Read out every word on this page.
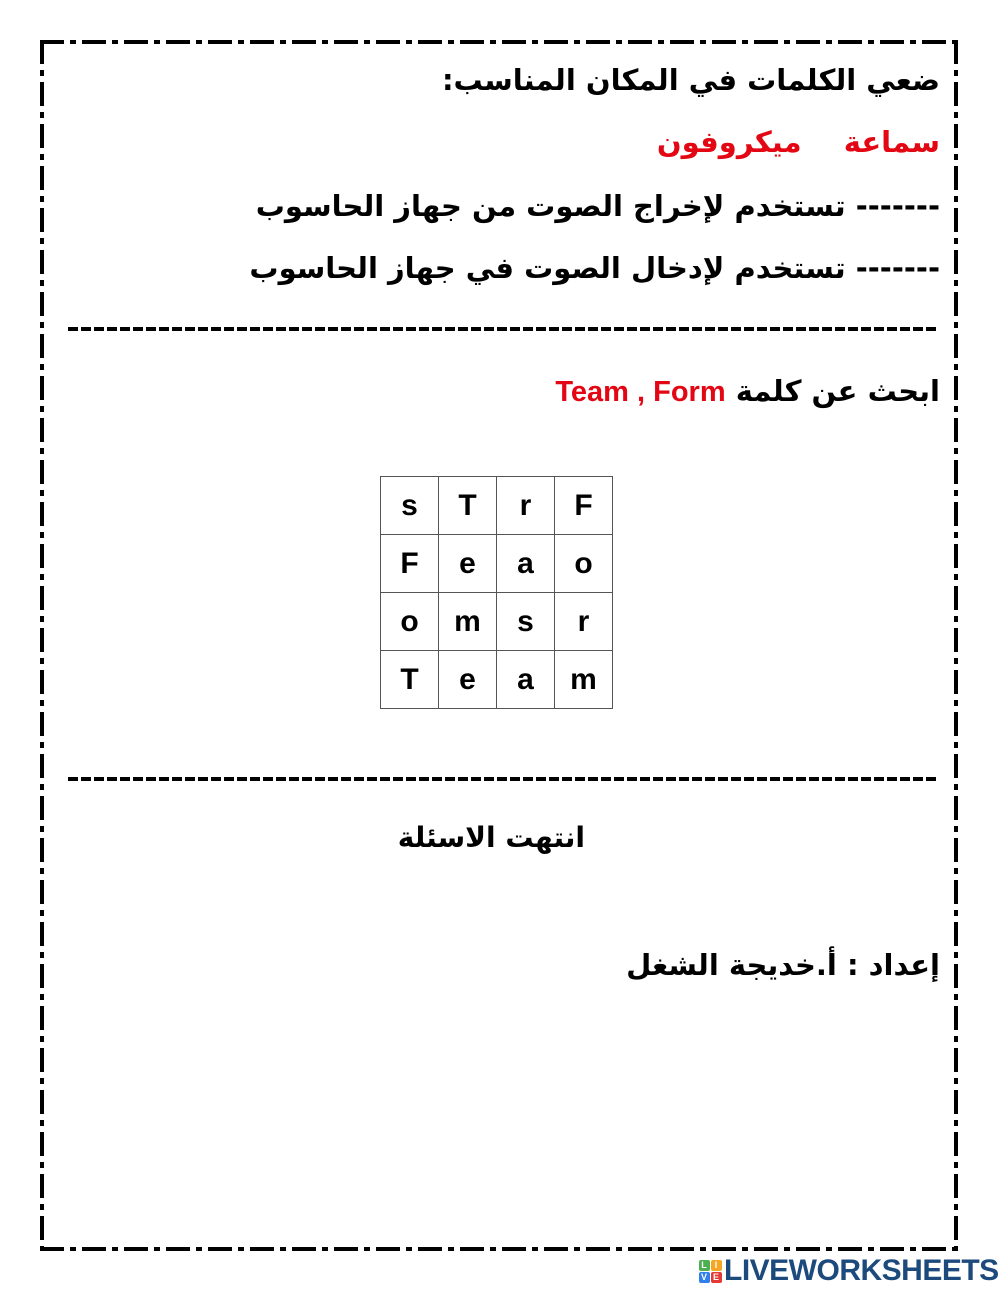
ضعي الكلمات في المكان المناسب:
سماعة  ميكروفون
------- تستخدم لإخراج الصوت من جهاز الحاسوب
------- تستخدم لإدخال الصوت في جهاز الحاسوب
ابحث عن كلمة Team , Form
s	T	r	F
F	e	a	o
o	m	s	r
T	e	a	m
انتهت الاسئلة
إعداد : أ.خديجة الشغل
L I
V E LIVEWORKSHEETS
